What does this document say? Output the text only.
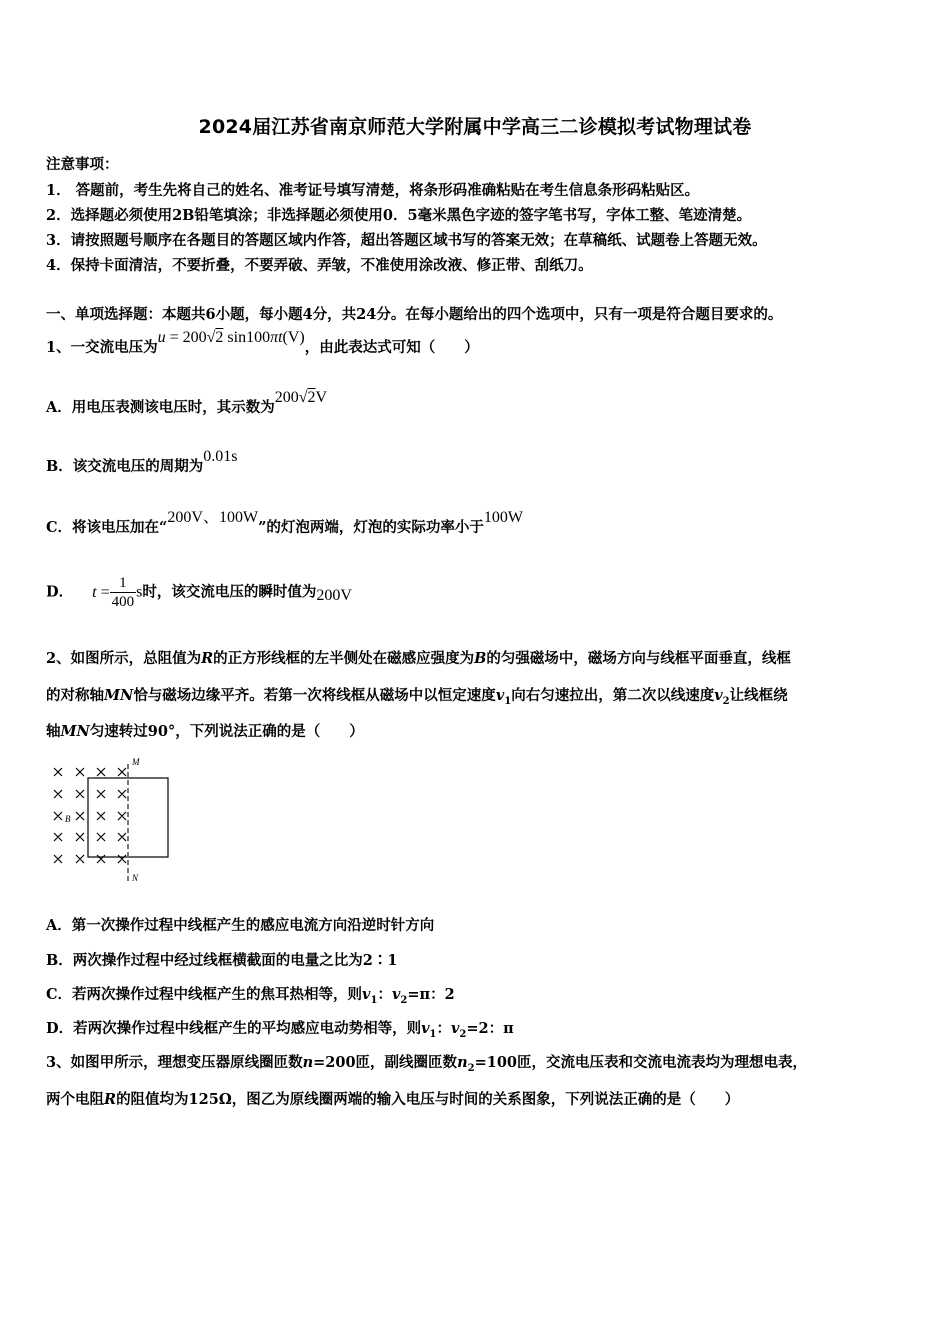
2024届江苏省南京师范大学附属中学高三二诊模拟考试物理试卷
注意事项：
1． 答题前，考生先将自己的姓名、准考证号填写清楚，将条形码准确粘贴在考生信息条形码粘贴区。
2．选择题必须使用2B铅笔填涂；非选择题必须使用0．5毫米黑色字迹的签字笔书写，字体工整、笔迹清楚。
3．请按照题号顺序在各题目的答题区域内作答，超出答题区域书写的答案无效；在草稿纸、试题卷上答题无效。
4．保持卡面清洁，不要折叠，不要弄破、弄皱，不准使用涂改液、修正带、刮纸刀。
一、单项选择题：本题共6小题，每小题4分，共24分。在每小题给出的四个选项中，只有一项是符合题目要求的。
1、一交流电压为u = 200√2 sin100πt(V)，由此表达式可知（　　）
A．用电压表测该电压时，其示数为200√2V
B．该交流电压的周期为0.01s
C．将该电压加在“200V、100W”的灯泡两端，灯泡的实际功率小于100W
D． $t = \frac{1}{400}$ s时，该交流电压的瞬时值为200V
2、如图所示，总阻值为R的正方形线框的左半侧处在磁感应强度为B的匀强磁场中，磁场方向与线框平面垂直，线框
的对称轴MN恰与磁场边缘平齐。若第一次将线框从磁场中以恒定速度$v_1$向右匀速拉出，第二次以线速度$v_2$让线框绕
轴MN匀速转过90°，下列说法正确的是（　　）
M
N
B
A．第一次操作过程中线框产生的感应电流方向沿逆时针方向
B．两次操作过程中经过线框横截面的电量之比为2∶1
C．若两次操作过程中线框产生的焦耳热相等，则$v_1$：$v_2=\pi$：2
D．若两次操作过程中线框产生的平均感应电动势相等，则$v_1$：$v_2=2$：π
3、如图甲所示，理想变压器原线圈匝数n=200匝，副线圈匝数$n_2=100$匝，交流电压表和交流电流表均为理想电表，
两个电阻R的阻值均为125Ω，图乙为原线圈两端的输入电压与时间的关系图象，下列说法正确的是（　　）
